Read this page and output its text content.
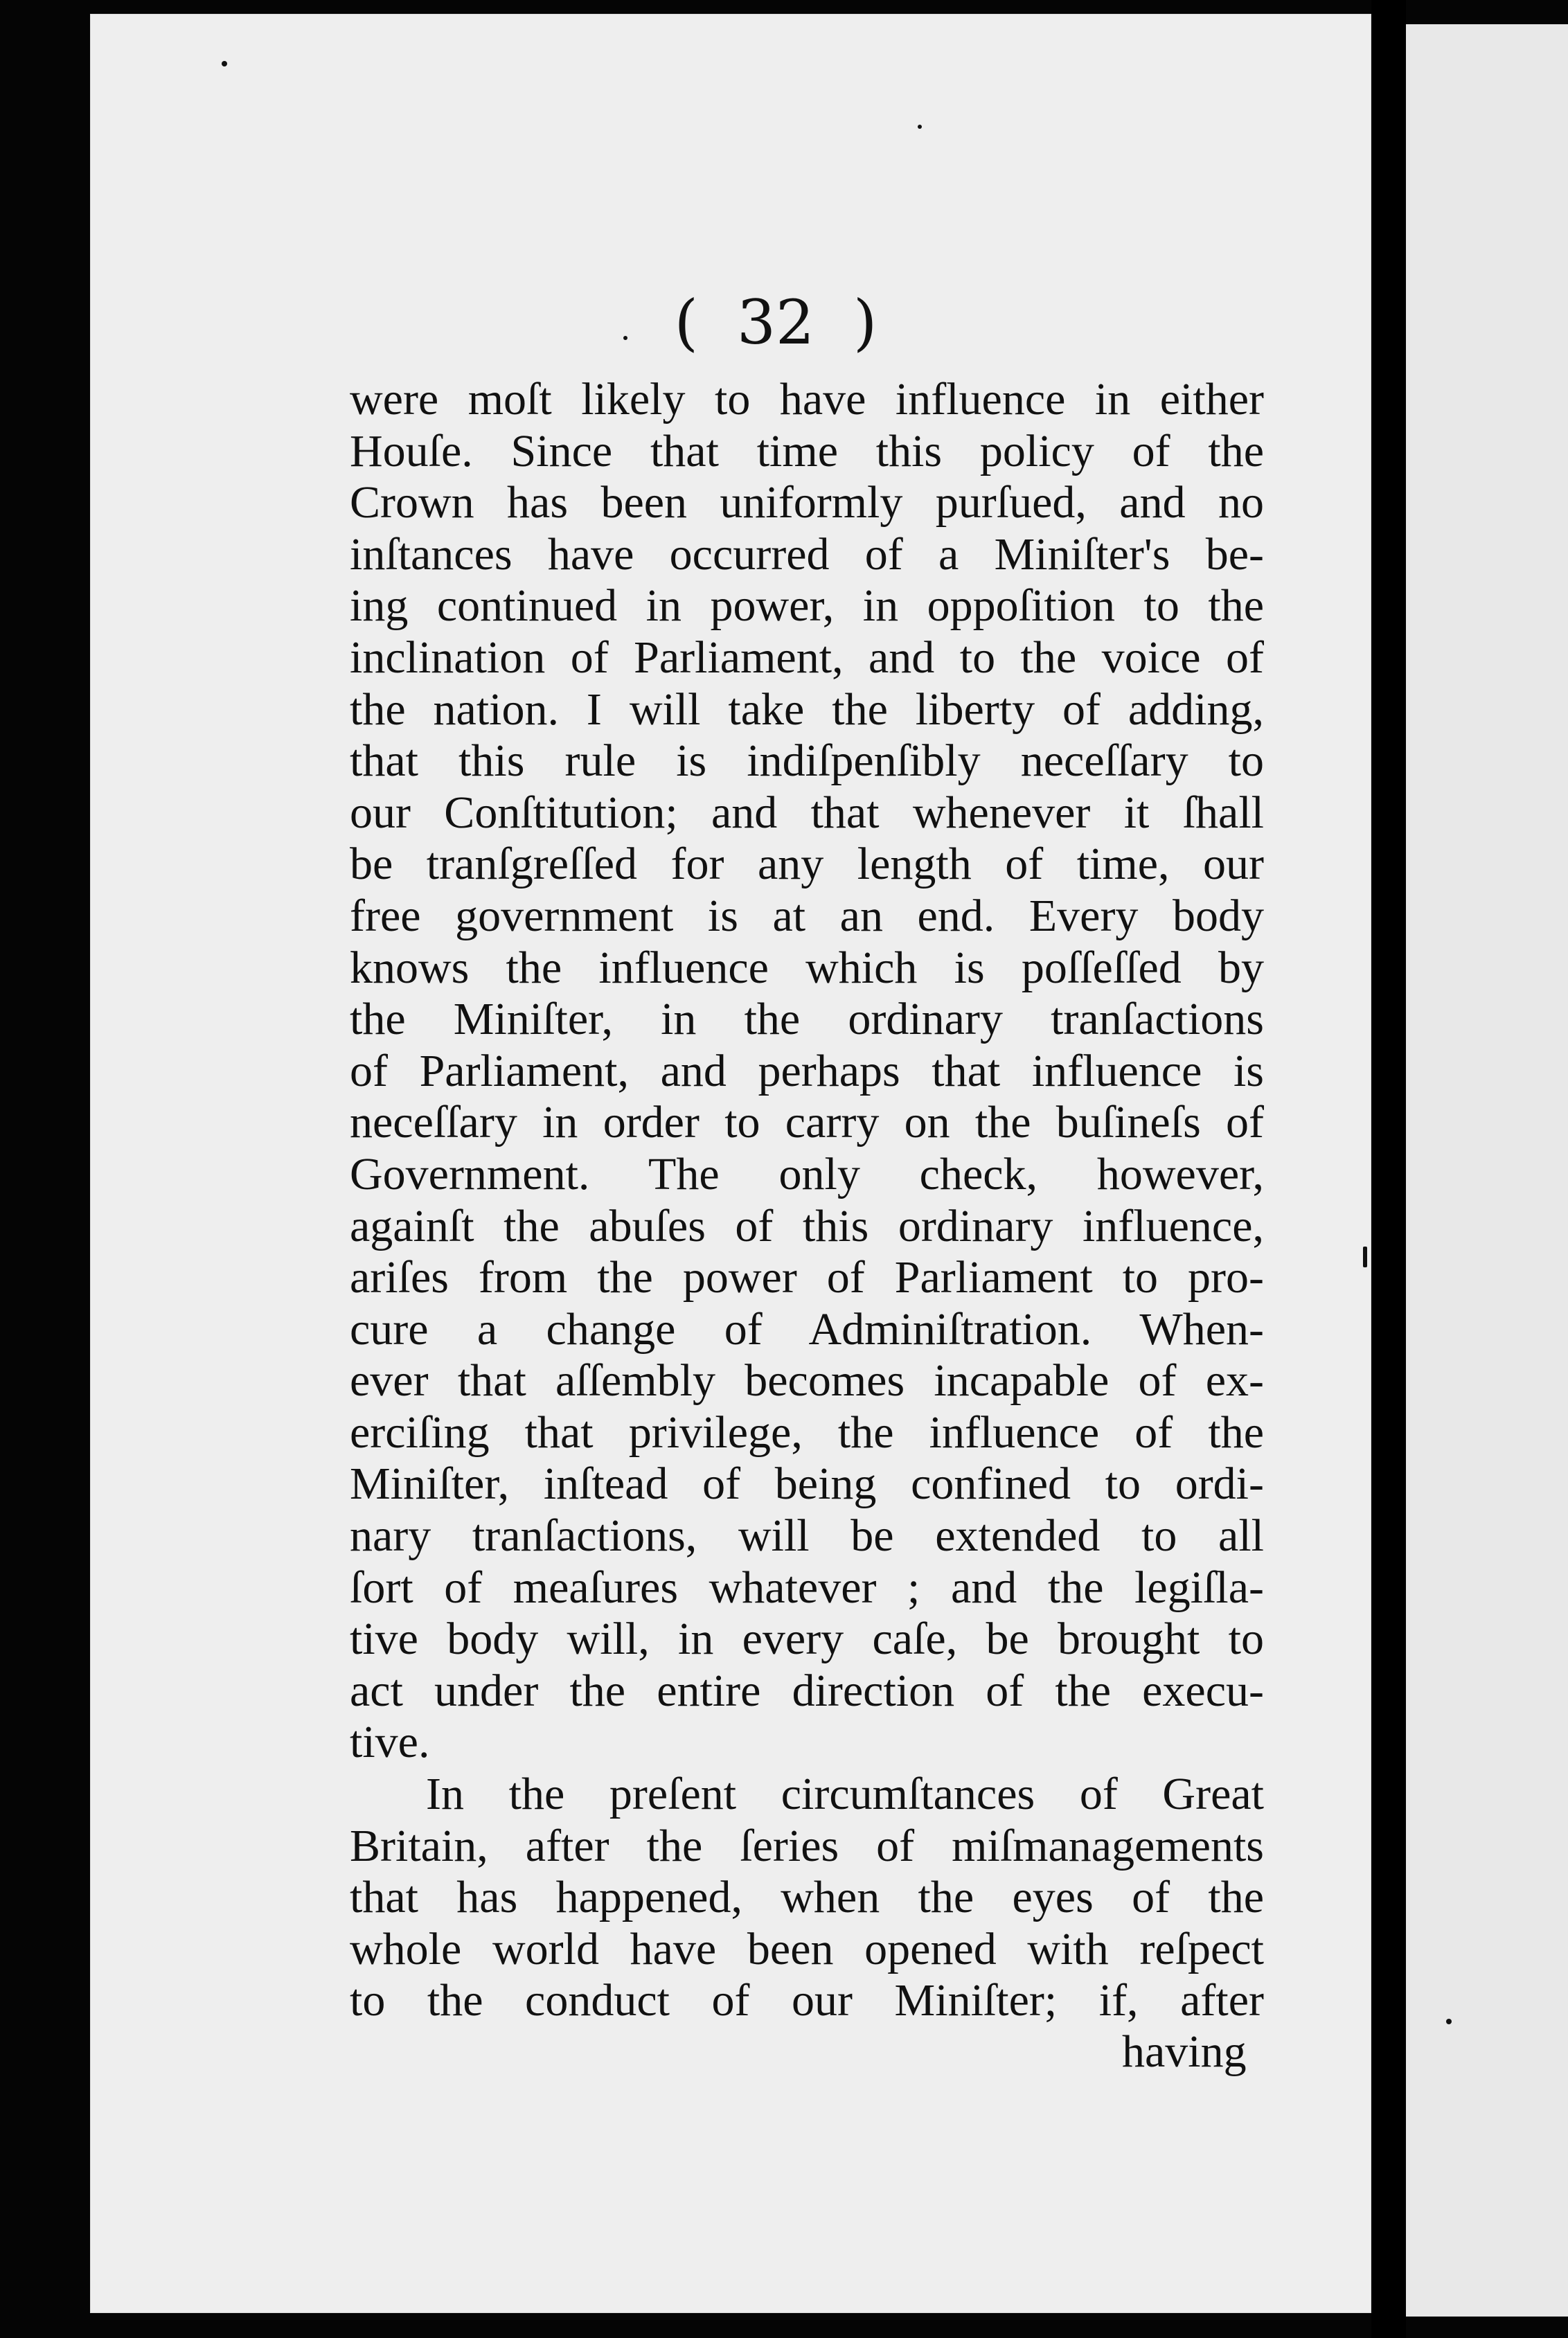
( 32 )
were moſt likely to have influence in either
Houſe. Since that time this policy of the
Crown has been uniformly purſued, and no
inſtances have occurred of a Miniſter's be-
ing continued in power, in oppoſition to the
inclination of Parliament, and to the voice of
the nation. I will take the liberty of adding,
that this rule is indiſpenſibly neceſſary to
our Conſtitution; and that whenever it ſhall
be tranſgreſſed for any length of time, our
free government is at an end. Every body
knows the influence which is poſſeſſed by
the Miniſter, in the ordinary tranſactions
of Parliament, and perhaps that influence is
neceſſary in order to carry on the buſineſs of
Government. The only check, however,
againſt the abuſes of this ordinary influence,
ariſes from the power of Parliament to pro-
cure a change of Adminiſtration. When-
ever that aſſembly becomes incapable of ex-
erciſing that privilege, the influence of the
Miniſter, inſtead of being confined to ordi-
nary tranſactions, will be extended to all
ſort of meaſures whatever ; and the legiſla-
tive body will, in every caſe, be brought to
act under the entire direction of the execu-
tive.
In the preſent circumſtances of Great
Britain, after the ſeries of miſmanagements
that has happened, when the eyes of the
whole world have been opened with reſpect
to the conduct of our Miniſter; if, after
having
